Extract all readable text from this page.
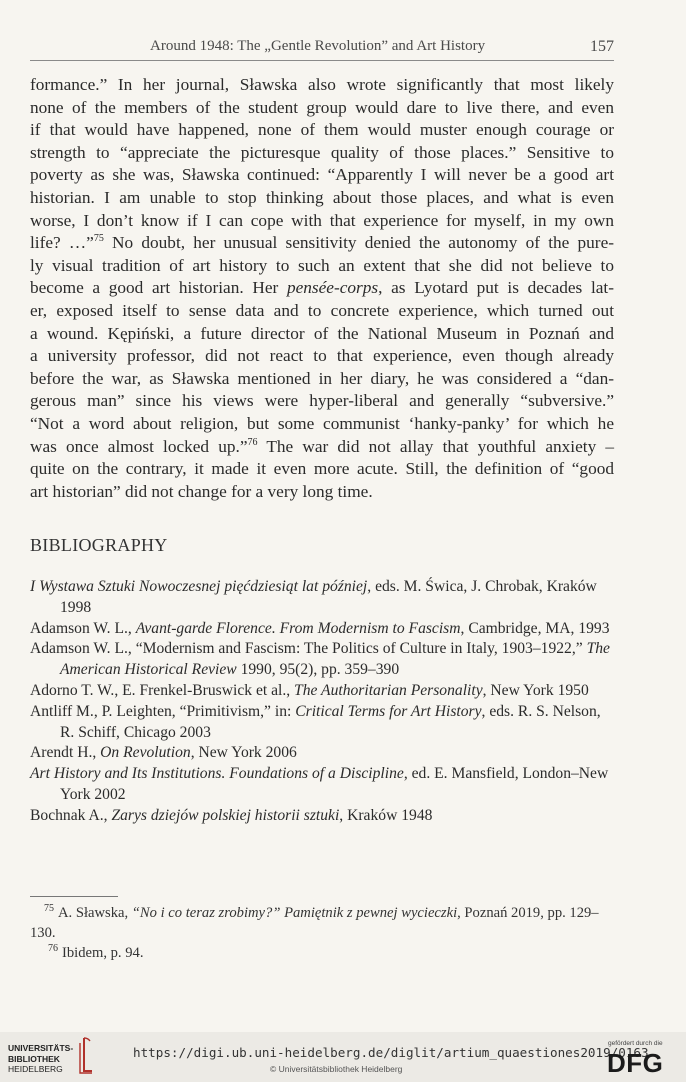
Around 1948: The „Gentle Revolution” and Art History	157
formance.” In her journal, Sławska also wrote significantly that most likely
none of the members of the student group would dare to live there, and even
if that would have happened, none of them would muster enough courage or
strength to “appreciate the picturesque quality of those places.” Sensitive to
poverty as she was, Sławska continued: “Apparently I will never be a good art
historian. I am unable to stop thinking about those places, and what is even
worse, I don’t know if I can cope with that experience for myself, in my own
life? …”$^{75}$ No doubt, her unusual sensitivity denied the autonomy of the pure-
ly visual tradition of art history to such an extent that she did not believe to
become a good art historian. Her pensée-corps, as Lyotard put is decades lat-
er, exposed itself to sense data and to concrete experience, which turned out
a wound. Kępiński, a future director of the National Museum in Poznań and
a university professor, did not react to that experience, even though already
before the war, as Sławska mentioned in her diary, he was considered a “dan-
gerous man” since his views were hyper-liberal and generally “subversive.”
“Not a word about religion, but some communist ‘hanky-panky’ for which he
was once almost locked up.”$^{76}$ The war did not allay that youthful anxiety –
quite on the contrary, it made it even more acute. Still, the definition of “good
art historian” did not change for a very long time.
BIBLIOGRAPHY
I Wystawa Sztuki Nowoczesnej pięćdziesiąt lat później, eds. M. Świca, J. Chrobak, Kraków 1998
Adamson W. L., Avant-garde Florence. From Modernism to Fascism, Cambridge, MA, 1993
Adamson W. L., “Modernism and Fascism: The Politics of Culture in Italy, 1903–1922,” The American Historical Review 1990, 95(2), pp. 359–390
Adorno T. W., E. Frenkel-Bruswick et al., The Authoritarian Personality, New York 1950
Antliff M., P. Leighten, “Primitivism,” in: Critical Terms for Art History, eds. R. S. Nelson, R. Schiff, Chicago 2003
Arendt H., On Revolution, New York 2006
Art History and Its Institutions. Foundations of a Discipline, ed. E. Mansfield, London–New York 2002
Bochnak A., Zarys dziejów polskiej historii sztuki, Kraków 1948

$^{75}$ A. Sławska, “No i co teraz zrobimy?” Pamiętnik z pewnej wycieczki, Poznań 2019, pp. 129–130.

$^{76}$ Ibidem, p. 94.

UNIVERSITÄTS-
BIBLIOTHEK
HEIDELBERG
https://digi.ub.uni-heidelberg.de/diglit/artium_quaestiones2019/0163
© Universitätsbibliothek Heidelberg
gefördert durch die
DFG
